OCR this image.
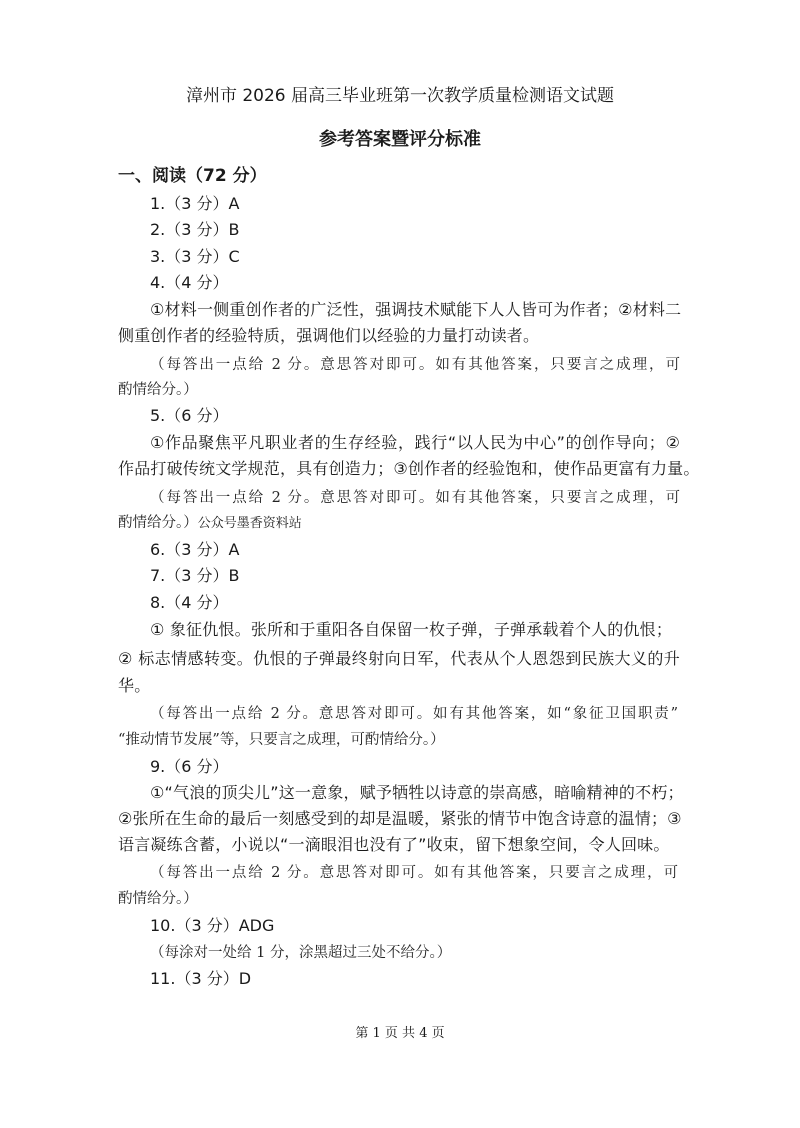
漳州市 2026 届高三毕业班第一次教学质量检测语文试题
参考答案暨评分标准
一、阅读（72 分）
1.（3 分）A
2.（3 分）B
3.（3 分）C
4.（4 分）
①材料一侧重创作者的广泛性，强调技术赋能下人人皆可为作者；②材料二
侧重创作者的经验特质，强调他们以经验的力量打动读者。
（每答出一点给 2 分。意思答对即可。如有其他答案，只要言之成理，可
酌情给分。）
5.（6 分）
①作品聚焦平凡职业者的生存经验，践行“以人民为中心”的创作导向；②
作品打破传统文学规范，具有创造力；③创作者的经验饱和，使作品更富有力量。
（每答出一点给 2 分。意思答对即可。如有其他答案，只要言之成理，可
酌情给分。）公众号墨香资料站
6.（3 分）A
7.（3 分）B
8.（4 分）
① 象征仇恨。张所和于重阳各自保留一枚子弹，子弹承载着个人的仇恨；
② 标志情感转变。仇恨的子弹最终射向日军，代表从个人恩怨到民族大义的升
华。
（每答出一点给 2 分。意思答对即可。如有其他答案，如“象征卫国职责”
“推动情节发展”等，只要言之成理，可酌情给分。）
9.（6 分）
①“气浪的顶尖儿”这一意象，赋予牺牲以诗意的崇高感，暗喻精神的不朽；
②张所在生命的最后一刻感受到的却是温暖，紧张的情节中饱含诗意的温情；③
语言凝练含蓄，小说以“一滴眼泪也没有了”收束，留下想象空间，令人回味。
（每答出一点给 2 分。意思答对即可。如有其他答案，只要言之成理，可
酌情给分。）
10.（3 分）ADG
（每涂对一处给 1 分，涂黑超过三处不给分。）
11.（3 分）D
第 1 页 共 4 页
